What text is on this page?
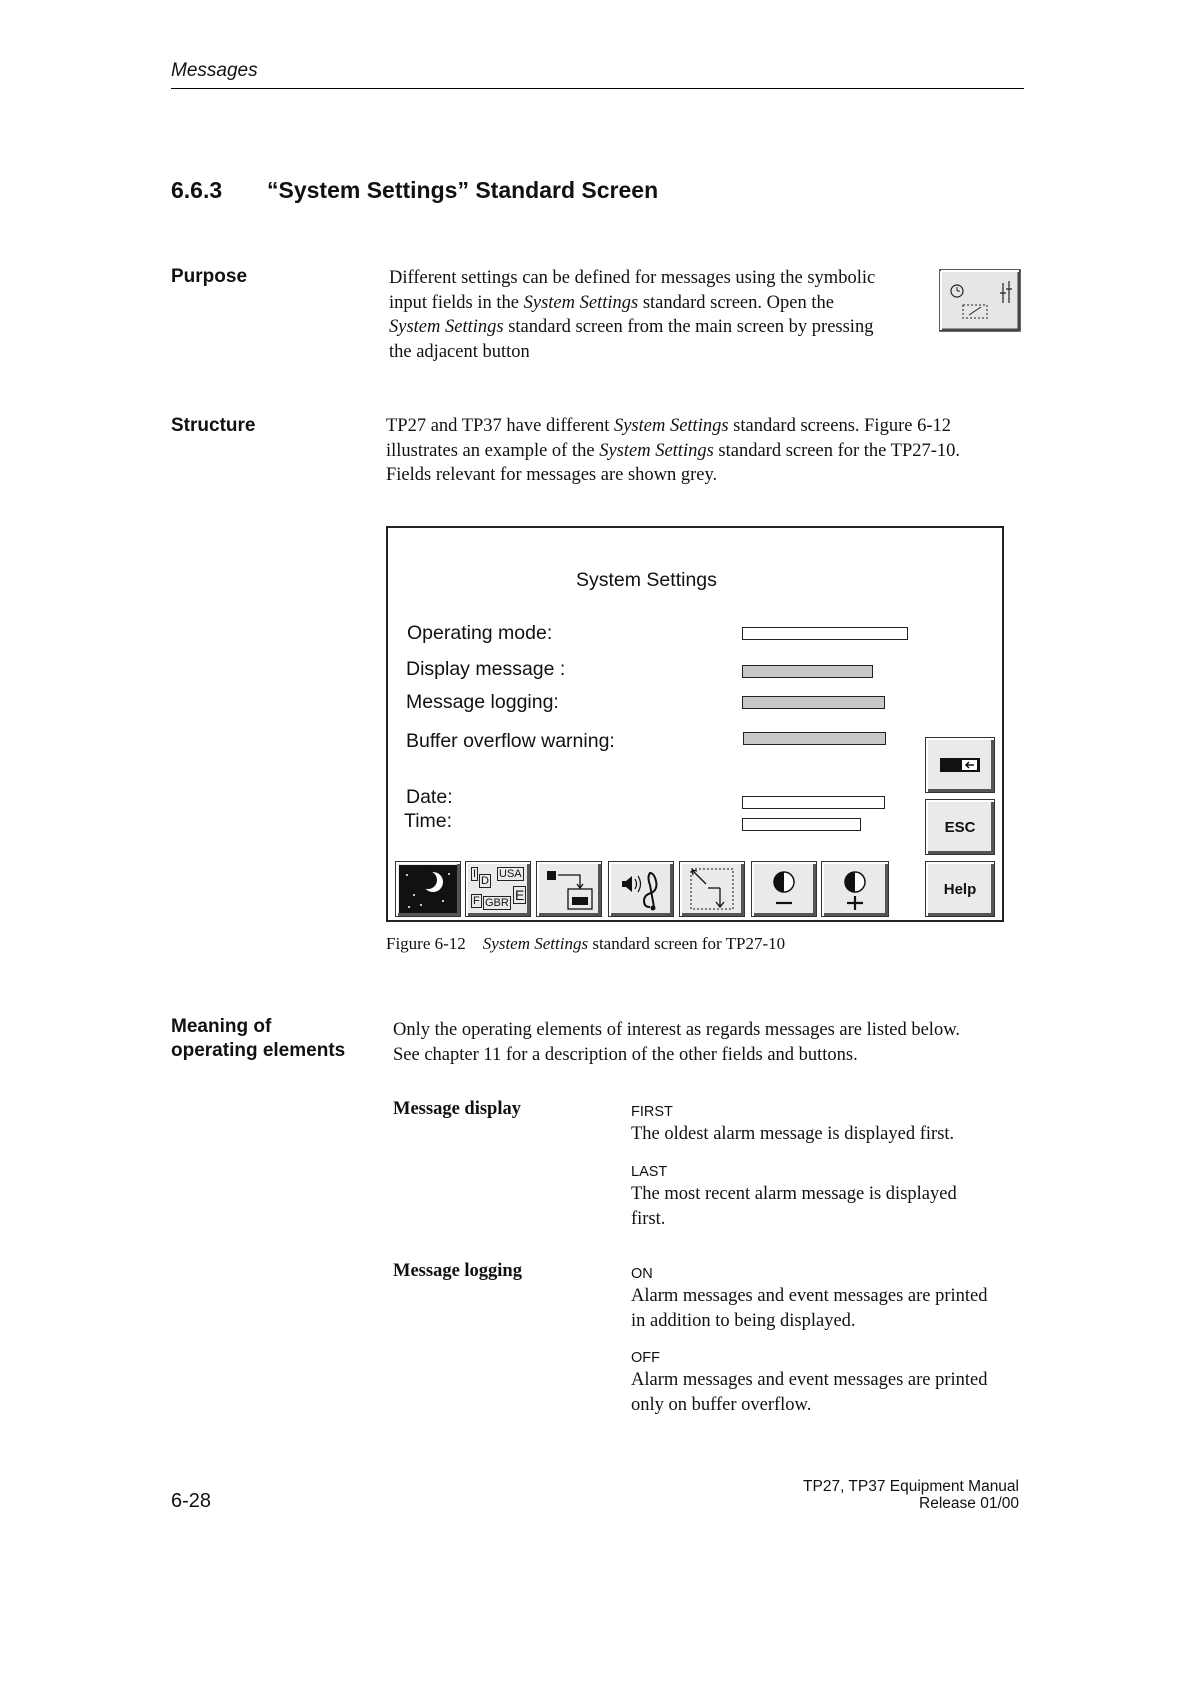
Messages
6.6.3 “System Settings” Standard Screen
Purpose	Different settings can be defined for messages using the symbolic
input fields in the System Settings standard screen. Open the
System Settings standard screen from the main screen by pressing
the adjacent button
Structure	TP27 and TP37 have different System Settings standard screens. Figure 6-12
illustrates an example of the System Settings standard screen for the TP27-10.
Fields relevant for messages are shown grey.
System Settings
Operating mode:
Display message :
Message logging:
Buffer overflow warning:
Date:
Time:	ESC
Help
I
D
USA
F GBR E
Figure 6-12 System Settings standard screen for TP27-10
Meaning of
operating elements
Only the operating elements of interest as regards messages are listed below.
See chapter 11 for a description of the other fields and buttons.
Message display	FIRST
The oldest alarm message is displayed first.
LAST
The most recent alarm message is displayed
first.
Message logging	ON
Alarm messages and event messages are printed
in addition to being displayed.
OFF
Alarm messages and event messages are printed
only on buffer overflow.
6-28
TP27, TP37 Equipment Manual
Release 01/00
